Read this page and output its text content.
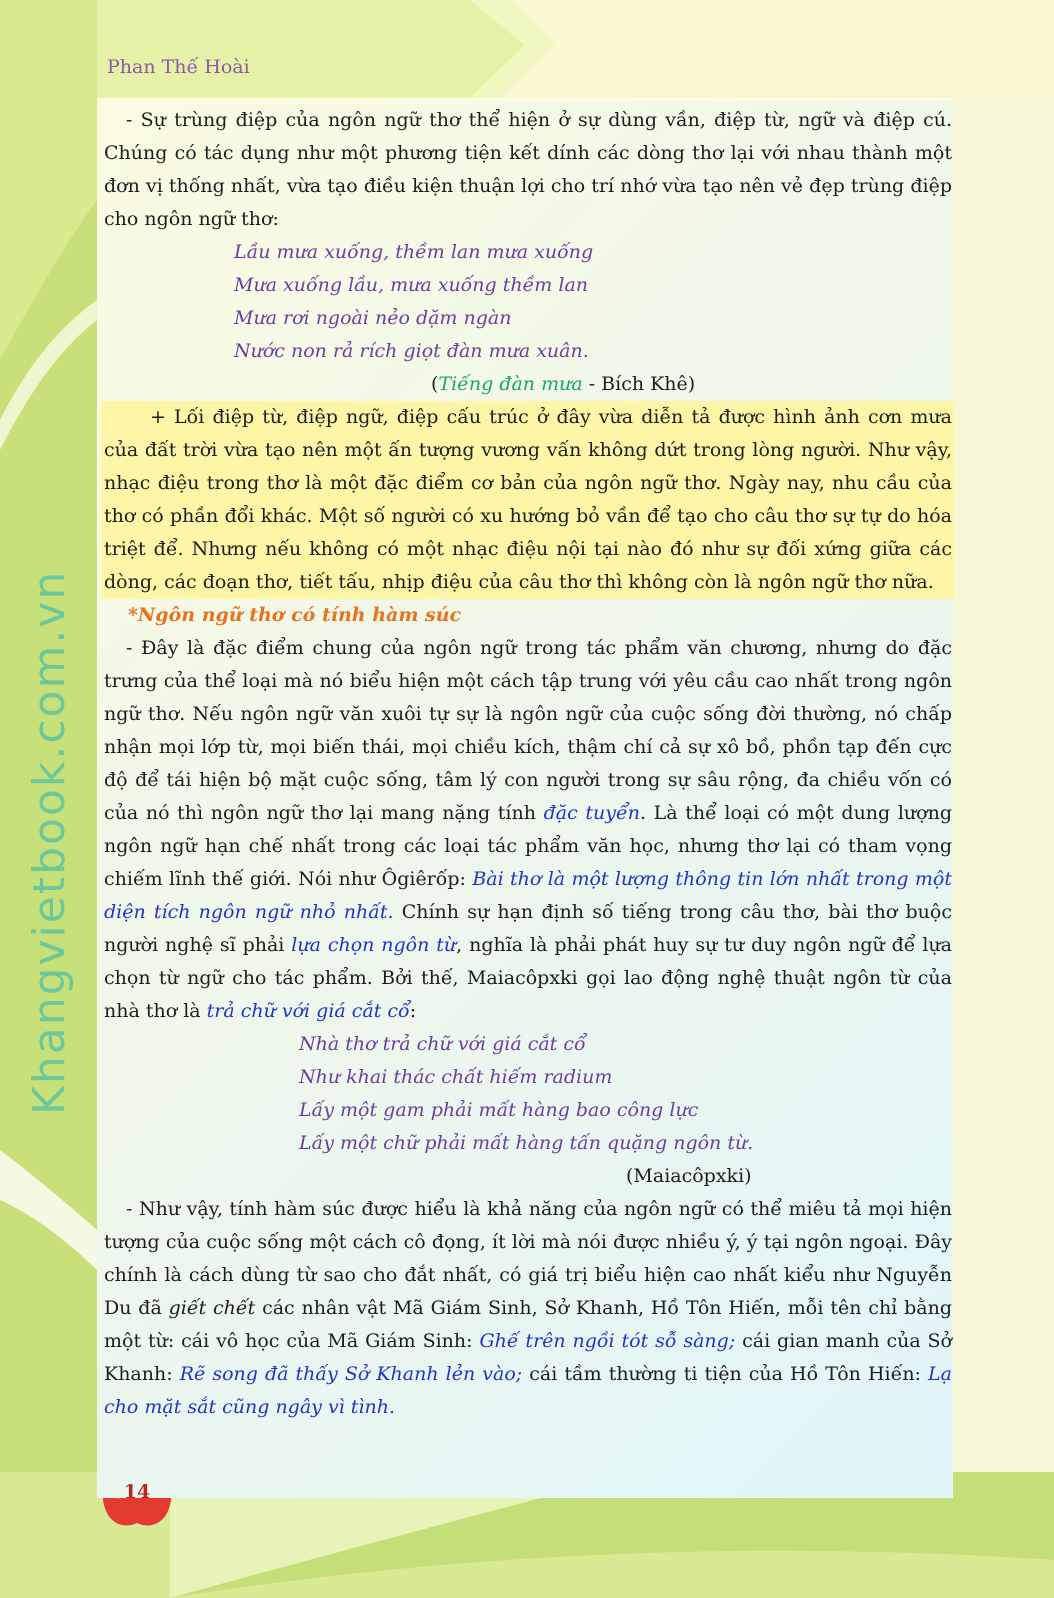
Phan Thế Hoài
Khangvietbook.com.vn

- Sự trùng điệp của ngôn ngữ thơ thể hiện ở sự dùng vần, điệp từ, ngữ và điệp cú. Chúng có tác dụng như một phương tiện kết dính các dòng thơ lại với nhau thành một đơn vị thống nhất, vừa tạo điều kiện thuận lợi cho trí nhớ vừa tạo nên vẻ đẹp trùng điệp cho ngôn ngữ thơ:

Lầu mưa xuống, thềm lan mưa xuống
Mưa xuống lầu, mưa xuống thềm lan
Mưa rơi ngoài nẻo dặm ngàn
Nước non rả rích giọt đàn mưa xuân.

(Tiếng đàn mưa - Bích Khê)

+ Lối điệp từ, điệp ngữ, điệp cấu trúc ở đây vừa diễn tả được hình ảnh cơn mưa của đất trời vừa tạo nên một ấn tượng vương vấn không dứt trong lòng người. Như vậy, nhạc điệu trong thơ là một đặc điểm cơ bản của ngôn ngữ thơ. Ngày nay, nhu cầu của thơ có phần đổi khác. Một số người có xu hướng bỏ vần để tạo cho câu thơ sự tự do hóa triệt để. Nhưng nếu không có một nhạc điệu nội tại nào đó như sự đối xứng giữa các dòng, các đoạn thơ, tiết tấu, nhịp điệu của câu thơ thì không còn là ngôn ngữ thơ nữa.

*Ngôn ngữ thơ có tính hàm súc

- Đây là đặc điểm chung của ngôn ngữ trong tác phẩm văn chương, nhưng do đặc trưng của thể loại mà nó biểu hiện một cách tập trung với yêu cầu cao nhất trong ngôn ngữ thơ. Nếu ngôn ngữ văn xuôi tự sự là ngôn ngữ của cuộc sống đời thường, nó chấp nhận mọi lớp từ, mọi biến thái, mọi chiều kích, thậm chí cả sự xô bồ, phồn tạp đến cực độ để tái hiện bộ mặt cuộc sống, tâm lý con người trong sự sâu rộng, đa chiều vốn có của nó thì ngôn ngữ thơ lại mang nặng tính đặc tuyển. Là thể loại có một dung lượng ngôn ngữ hạn chế nhất trong các loại tác phẩm văn học, nhưng thơ lại có tham vọng chiếm lĩnh thế giới. Nói như Ôgiêrốp: Bài thơ là một lượng thông tin lớn nhất trong một diện tích ngôn ngữ nhỏ nhất. Chính sự hạn định số tiếng trong câu thơ, bài thơ buộc người nghệ sĩ phải lựa chọn ngôn từ, nghĩa là phải phát huy sự tư duy ngôn ngữ để lựa chọn từ ngữ cho tác phẩm. Bởi thế, Maiacôpxki gọi lao động nghệ thuật ngôn từ của nhà thơ là trả chữ với giá cắt cổ:

Nhà thơ trả chữ với giá cắt cổ
Như khai thác chất hiếm radium
Lấy một gam phải mất hàng bao công lực
Lấy một chữ phải mất hàng tấn quặng ngôn từ.

(Maiacôpxki)

- Như vậy, tính hàm súc được hiểu là khả năng của ngôn ngữ có thể miêu tả mọi hiện tượng của cuộc sống một cách cô đọng, ít lời mà nói được nhiều ý, ý tại ngôn ngoại. Đây chính là cách dùng từ sao cho đắt nhất, có giá trị biểu hiện cao nhất kiểu như Nguyễn Du đã giết chết các nhân vật Mã Giám Sinh, Sở Khanh, Hồ Tôn Hiến, mỗi tên chỉ bằng một từ: cái vô học của Mã Giám Sinh: Ghế trên ngồi tót sỗ sàng; cái gian manh của Sở Khanh: Rẽ song đã thấy Sở Khanh lẻn vào; cái tầm thường ti tiện của Hồ Tôn Hiến: Lạ cho mặt sắt cũng ngây vì tình.

14
